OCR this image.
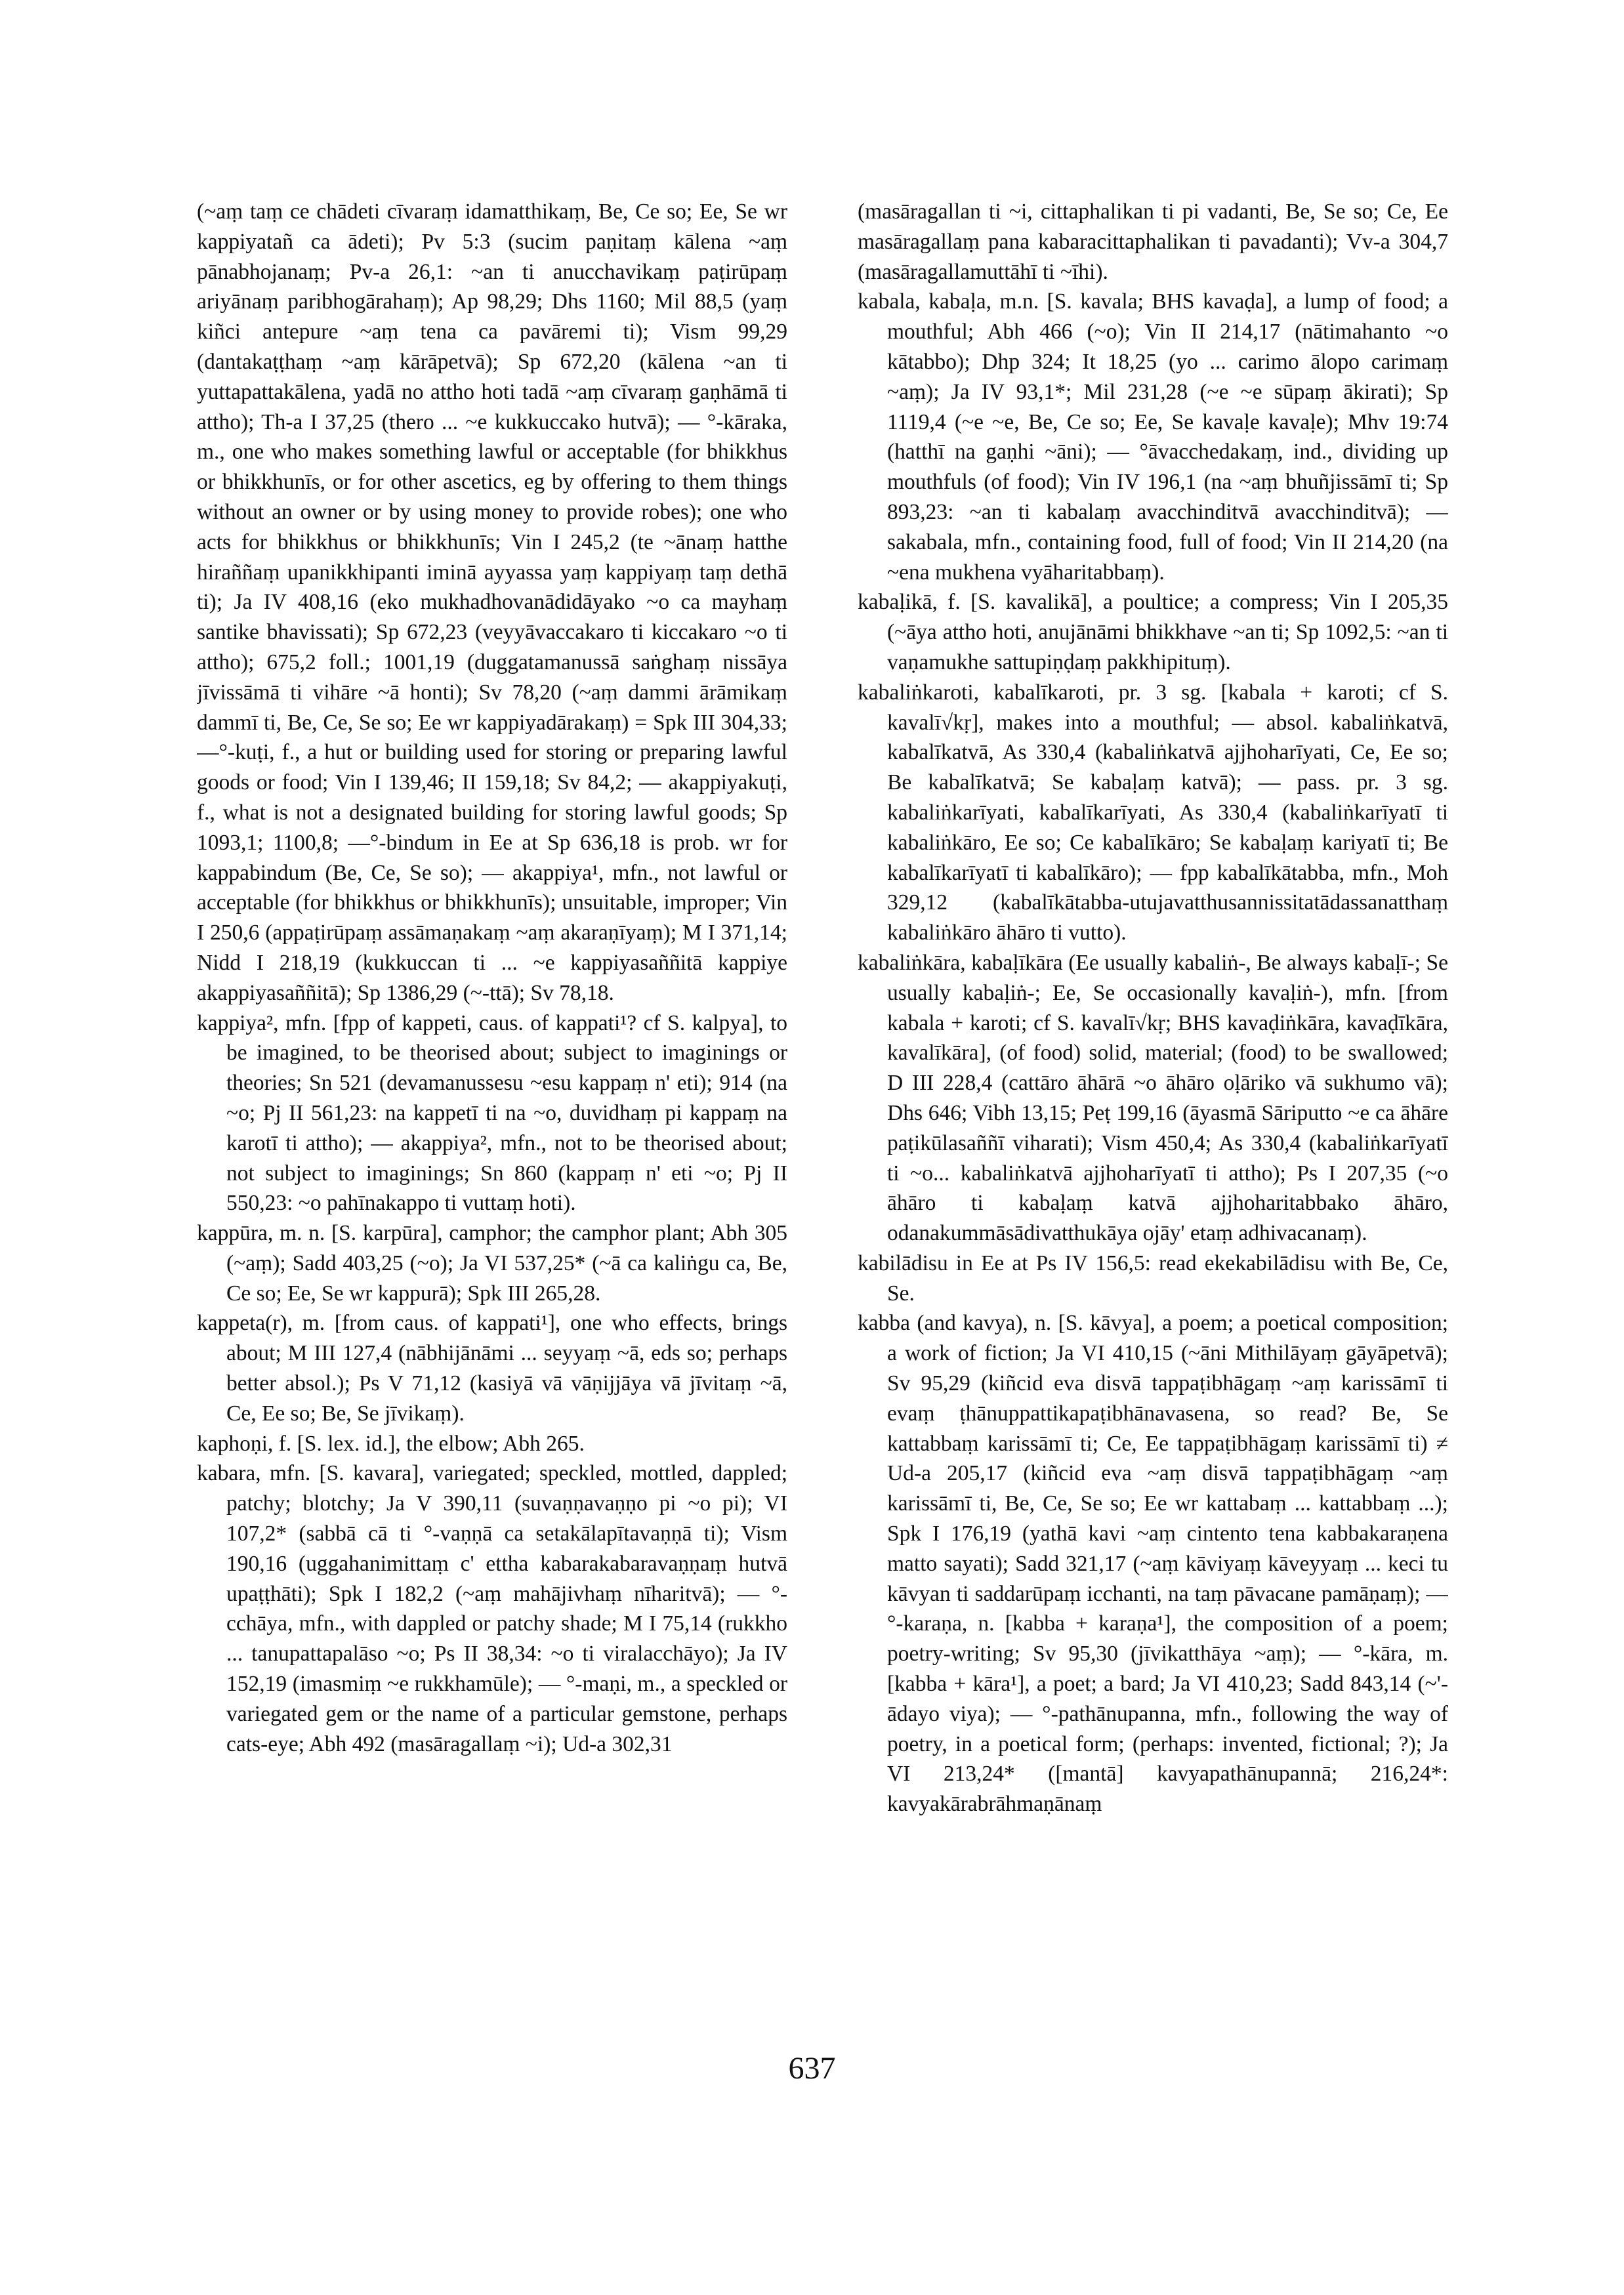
(~aṃ taṃ ce chādeti cīvaraṃ idamatthikaṃ, Be, Ce so; Ee, Se wr kappiyatañ ca ādeti); Pv 5:3 (sucim paṇitaṃ kālena ~aṃ pānabhojanaṃ; Pv-a 26,1: ~an ti anucchavikaṃ paṭirūpaṃ ariyānaṃ paribhogārahaṃ); Ap 98,29; Dhs 1160; Mil 88,5 (yaṃ kiñci antepure ~aṃ tena ca pavāremi ti); Vism 99,29 (dantakaṭṭhaṃ ~aṃ kārāpetvā); Sp 672,20 (kālena ~an ti yuttapattakālena, yadā no attho hoti tadā ~aṃ cīvaraṃ gaṇhāmā ti attho); Th-a I 37,25 (thero ... ~e kukkuccako hutvā); — °-kāraka, m., one who makes something lawful or acceptable (for bhikkhus or bhikkhunīs, or for other ascetics, eg by offering to them things without an owner or by using money to provide robes); one who acts for bhikkhus or bhikkhunīs; Vin I 245,2 (te ~ānaṃ hatthe hiraññaṃ upanikkhipanti iminā ayyassa yaṃ kappiyaṃ taṃ dethā ti); Ja IV 408,16 (eko mukhadhovanādidāyako ~o ca mayhaṃ santike bhavissati); Sp 672,23 (veyyāvaccakaro ti kiccakaro ~o ti attho); 675,2 foll.; 1001,19 (duggatamanussā saṅghaṃ nissāya jīvissāmā ti vihāre ~ā honti); Sv 78,20 (~aṃ dammi ārāmikaṃ dammī ti, Be, Ce, Se so; Ee wr kappiyadārakaṃ) = Spk III 304,33; —°-kuṭi, f., a hut or building used for storing or preparing lawful goods or food; Vin I 139,46; II 159,18; Sv 84,2; — akappiyakuṭi, f., what is not a designated building for storing lawful goods; Sp 1093,1; 1100,8; —°-bindum in Ee at Sp 636,18 is prob. wr for kappabindum (Be, Ce, Se so); — akappiya¹, mfn., not lawful or acceptable (for bhikkhus or bhikkhunīs); unsuitable, improper; Vin I 250,6 (appaṭirūpaṃ assāmaṇakaṃ ~aṃ akaraṇīyaṃ); M I 371,14; Nidd I 218,19 (kukkuccan ti ... ~e kappiyasaññitā kappiye akappiyasaññitā); Sp 1386,29 (~-ttā); Sv 78,18.

kappiya², mfn. [fpp of kappeti, caus. of kappati¹? cf S. kalpya], to be imagined, to be theorised about; subject to imaginings or theories; Sn 521 (devamanussesu ~esu kappaṃ n' eti); 914 (na ~o; Pj II 561,23: na kappetī ti na ~o, duvidhaṃ pi kappaṃ na karotī ti attho); — akappiya², mfn., not to be theorised about; not subject to imaginings; Sn 860 (kappaṃ n' eti ~o; Pj II 550,23: ~o pahīnakappo ti vuttaṃ hoti).

kappūra, m. n. [S. karpūra], camphor; the camphor plant; Abh 305 (~aṃ); Sadd 403,25 (~o); Ja VI 537,25* (~ā ca kaliṅgu ca, Be, Ce so; Ee, Se wr kappurā); Spk III 265,28.

kappeta(r), m. [from caus. of kappati¹], one who effects, brings about; M III 127,4 (nābhijānāmi ... seyyaṃ ~ā, eds so; perhaps better absol.); Ps V 71,12 (kasiyā vā vāṇijjāya vā jīvitaṃ ~ā, Ce, Ee so; Be, Se jīvikaṃ).

kaphoṇi, f. [S. lex. id.], the elbow; Abh 265.

kabara, mfn. [S. kavara], variegated; speckled, mottled, dappled; patchy; blotchy; Ja V 390,11 (suvaṇṇavaṇṇo pi ~o pi); VI 107,2* (sabbā cā ti °-vaṇṇā ca setakālapītavaṇṇā ti); Vism 190,16 (uggahanimittaṃ c' ettha kabarakabaravaṇṇaṃ hutvā upaṭṭhāti); Spk I 182,2 (~aṃ mahājivhaṃ nīharitvā); — °-cchāya, mfn., with dappled or patchy shade; M I 75,14 (rukkho ... tanupattapalāso ~o; Ps II 38,34: ~o ti viralacchāyo); Ja IV 152,19 (imasmiṃ ~e rukkhamūle); — °-maṇi, m., a speckled or variegated gem or the name of a particular gemstone, perhaps cats-eye; Abh 492 (masāragallaṃ ~i); Ud-a 302,31

(masāragallan ti ~i, cittaphalikan ti pi vadanti, Be, Se so; Ce, Ee masāragallaṃ pana kabaracittaphalikan ti pavadanti); Vv-a 304,7 (masāragallamuttāhī ti ~īhi).

kabala, kabaḷa, m.n. [S. kavala; BHS kavaḍa], a lump of food; a mouthful; Abh 466 (~o); Vin II 214,17 (nātimahanto ~o kātabbo); Dhp 324; It 18,25 (yo ... carimo ālopo carimaṃ ~aṃ); Ja IV 93,1*; Mil 231,28 (~e ~e sūpaṃ ākirati); Sp 1119,4 (~e ~e, Be, Ce so; Ee, Se kavaḷe kavaḷe); Mhv 19:74 (hatthī na gaṇhi ~āni); — °āvacchedakaṃ, ind., dividing up mouthfuls (of food); Vin IV 196,1 (na ~aṃ bhuñjissāmī ti; Sp 893,23: ~an ti kabalaṃ avacchinditvā avacchinditvā); — sakabala, mfn., containing food, full of food; Vin II 214,20 (na ~ena mukhena vyāharitabbaṃ).

kabaḷikā, f. [S. kavalikā], a poultice; a compress; Vin I 205,35 (~āya attho hoti, anujānāmi bhikkhave ~an ti; Sp 1092,5: ~an ti vaṇamukhe sattupiṇḍaṃ pakkhipituṃ).

kabaliṅkaroti, kabalīkaroti, pr. 3 sg. [kabala + karoti; cf S. kavalī√kṛ], makes into a mouthful; — absol. kabaliṅkatvā, kabalīkatvā, As 330,4 (kabaliṅkatvā ajjhoharīyati, Ce, Ee so; Be kabalīkatvā; Se kabaḷaṃ katvā); — pass. pr. 3 sg. kabaliṅkarīyati, kabalīkarīyati, As 330,4 (kabaliṅkarīyatī ti kabaliṅkāro, Ee so; Ce kabalīkāro; Se kabaḷaṃ kariyatī ti; Be kabalīkarīyatī ti kabalīkāro); — fpp kabalīkātabba, mfn., Moh 329,12 (kabalīkātabba-utujavatthusannissitatādassanatthaṃ kabaliṅkāro āhāro ti vutto).

kabaliṅkāra, kabaḷīkāra (Ee usually kabaliṅ-, Be always kabaḷī-; Se usually kabaḷiṅ-; Ee, Se occasionally kavaḷiṅ-), mfn. [from kabala + karoti; cf S. kavalī√kṛ; BHS kavaḍiṅkāra, kavaḍīkāra, kavalīkāra], (of food) solid, material; (food) to be swallowed; D III 228,4 (cattāro āhārā ~o āhāro oḷāriko vā sukhumo vā); Dhs 646; Vibh 13,15; Peṭ 199,16 (āyasmā Sāriputto ~e ca āhāre paṭikūlasaññī viharati); Vism 450,4; As 330,4 (kabaliṅkarīyatī ti ~o... kabaliṅkatvā ajjhoharīyatī ti attho); Ps I 207,35 (~o āhāro ti kabaḷaṃ katvā ajjhoharitabbako āhāro, odanakummāsādivatthukāya ojāy' etaṃ adhivacanaṃ).

kabilādisu in Ee at Ps IV 156,5: read ekekabilādisu with Be, Ce, Se.

kabba (and kavya), n. [S. kāvya], a poem; a poetical composition; a work of fiction; Ja VI 410,15 (~āni Mithilāyaṃ gāyāpetvā); Sv 95,29 (kiñcid eva disvā tappaṭibhāgaṃ ~aṃ karissāmī ti evaṃ ṭhānuppattikapaṭibhānavasena, so read? Be, Se kattabbaṃ karissāmī ti; Ce, Ee tappaṭibhāgaṃ karissāmī ti) ≠ Ud-a 205,17 (kiñcid eva ~aṃ disvā tappaṭibhāgaṃ ~aṃ karissāmī ti, Be, Ce, Se so; Ee wr kattabaṃ ... kattabbaṃ ...); Spk I 176,19 (yathā kavi ~aṃ cintento tena kabbakaraṇena matto sayati); Sadd 321,17 (~aṃ kāviyaṃ kāveyyaṃ ... keci tu kāvyan ti saddarūpaṃ icchanti, na taṃ pāvacane pamāṇaṃ); — °-karaṇa, n. [kabba + karaṇa¹], the composition of a poem; poetry-writing; Sv 95,30 (jīvikatthāya ~aṃ); — °-kāra, m. [kabba + kāra¹], a poet; a bard; Ja VI 410,23; Sadd 843,14 (~'-ādayo viya); — °-pathānupanna, mfn., following the way of poetry, in a poetical form; (perhaps: invented, fictional; ?); Ja VI 213,24* ([mantā] kavyapathānupannā; 216,24*: kavyakārabrāhmaṇānaṃ

637
